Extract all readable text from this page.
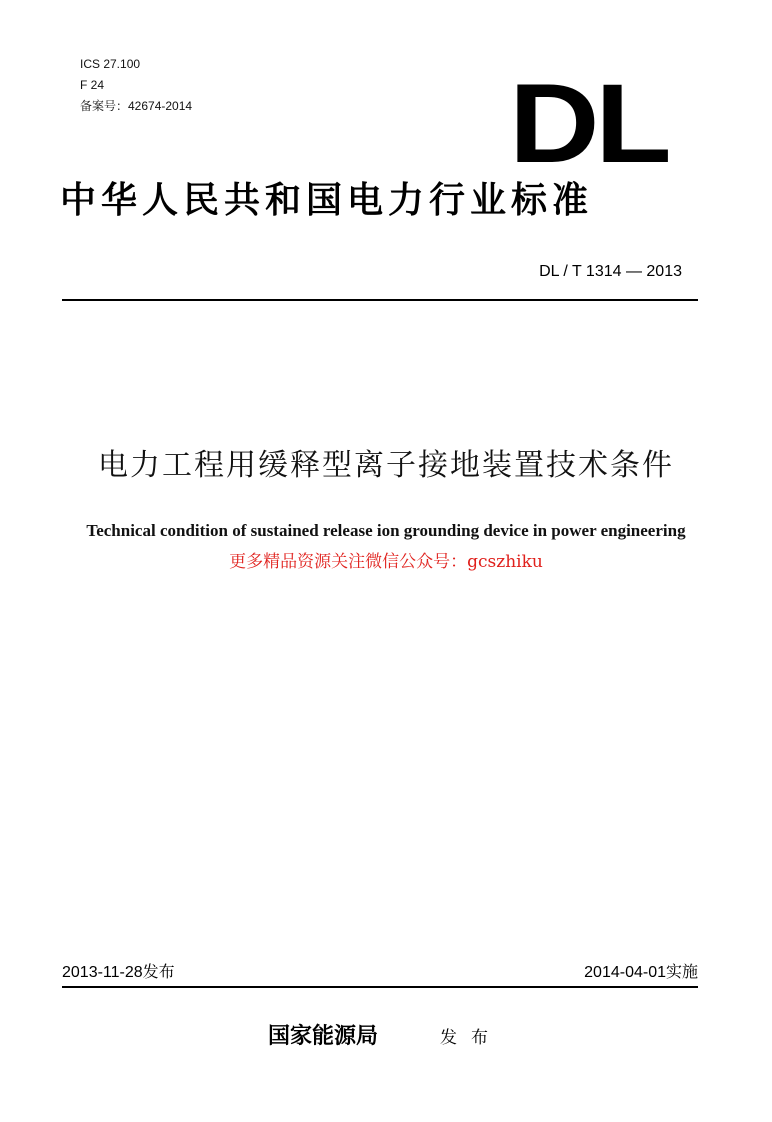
ICS 27.100
F 24
备案号：42674-2014	DL
中华人民共和国电力行业标准
DL / T 1314 — 2013
电力工程用缓释型离子接地装置技术条件
Technical condition of sustained release ion grounding device in power engineering
更多精品资源关注微信公众号：gcszhiku
2013-11-28发布	2014-04-01实施
国家能源局	发布
